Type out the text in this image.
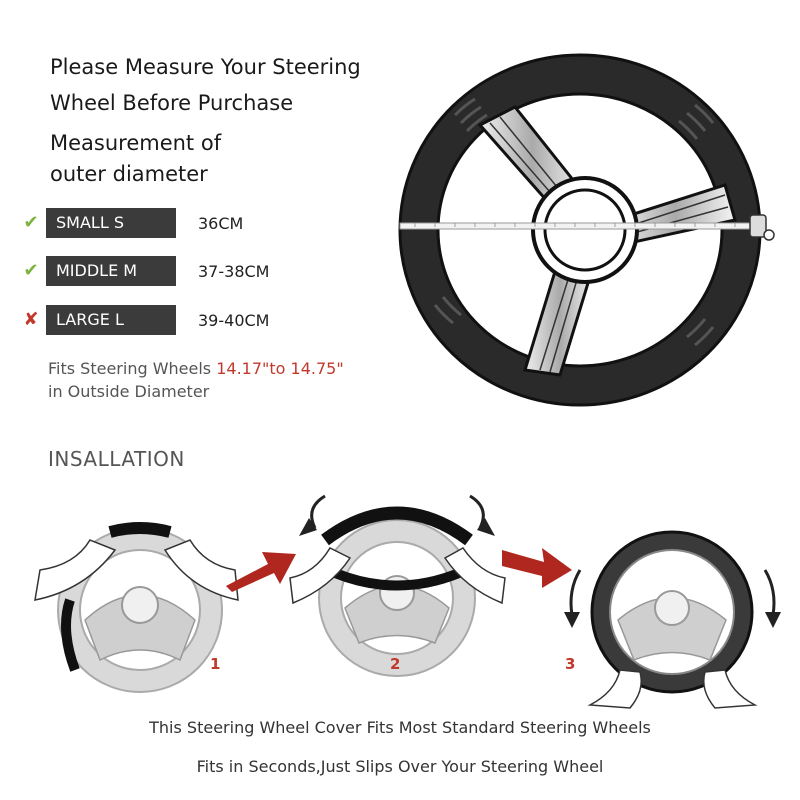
Please Measure Your Steering
Wheel Before Purchase
Measurement of
outer diameter
✔	SMALL S	36CM
✔	MIDDLE M	37-38CM
✘	LARGE L	39-40CM
Fits Steering Wheels 14.17"to 14.75"
in Outside Diameter
INSALLATION
1	2	3
This Steering Wheel Cover Fits Most Standard Steering Wheels
Fits in Seconds,Just Slips Over Your Steering Wheel
